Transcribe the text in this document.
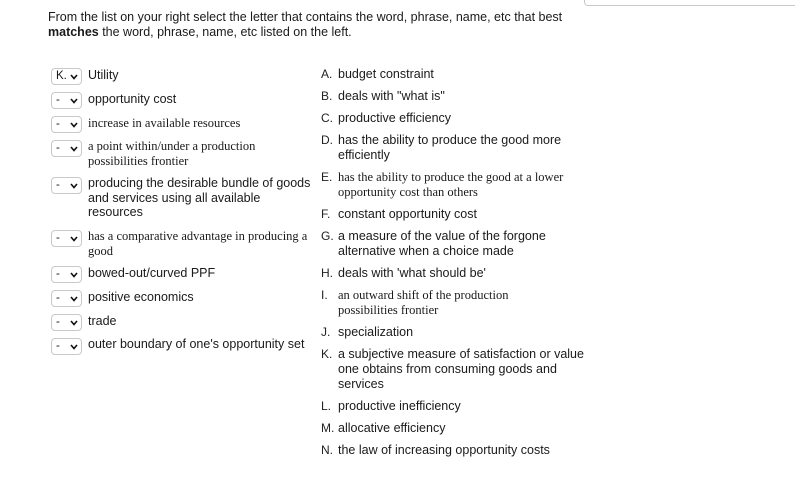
From the list on your right select the letter that contains the word, phrase, name, etc that best matches the word, phrase, name, etc listed on the left.
K. Utility
- opportunity cost
- increase in available resources
- a point within/under a production possibilities frontier
- producing the desirable bundle of goods and services using all available resources
- has a comparative advantage in producing a good
- bowed-out/curved PPF
- positive economics
- trade
- outer boundary of one's opportunity set
A. budget constraint
B. deals with "what is"
C. productive efficiency
D. has the ability to produce the good more efficiently
E. has the ability to produce the good at a lower opportunity cost than others
F. constant opportunity cost
G. a measure of the value of the forgone alternative when a choice made
H. deals with 'what should be'
I. an outward shift of the production possibilities frontier
J. specialization
K. a subjective measure of satisfaction or value one obtains from consuming goods and services
L. productive inefficiency
M. allocative efficiency
N. the law of increasing opportunity costs
